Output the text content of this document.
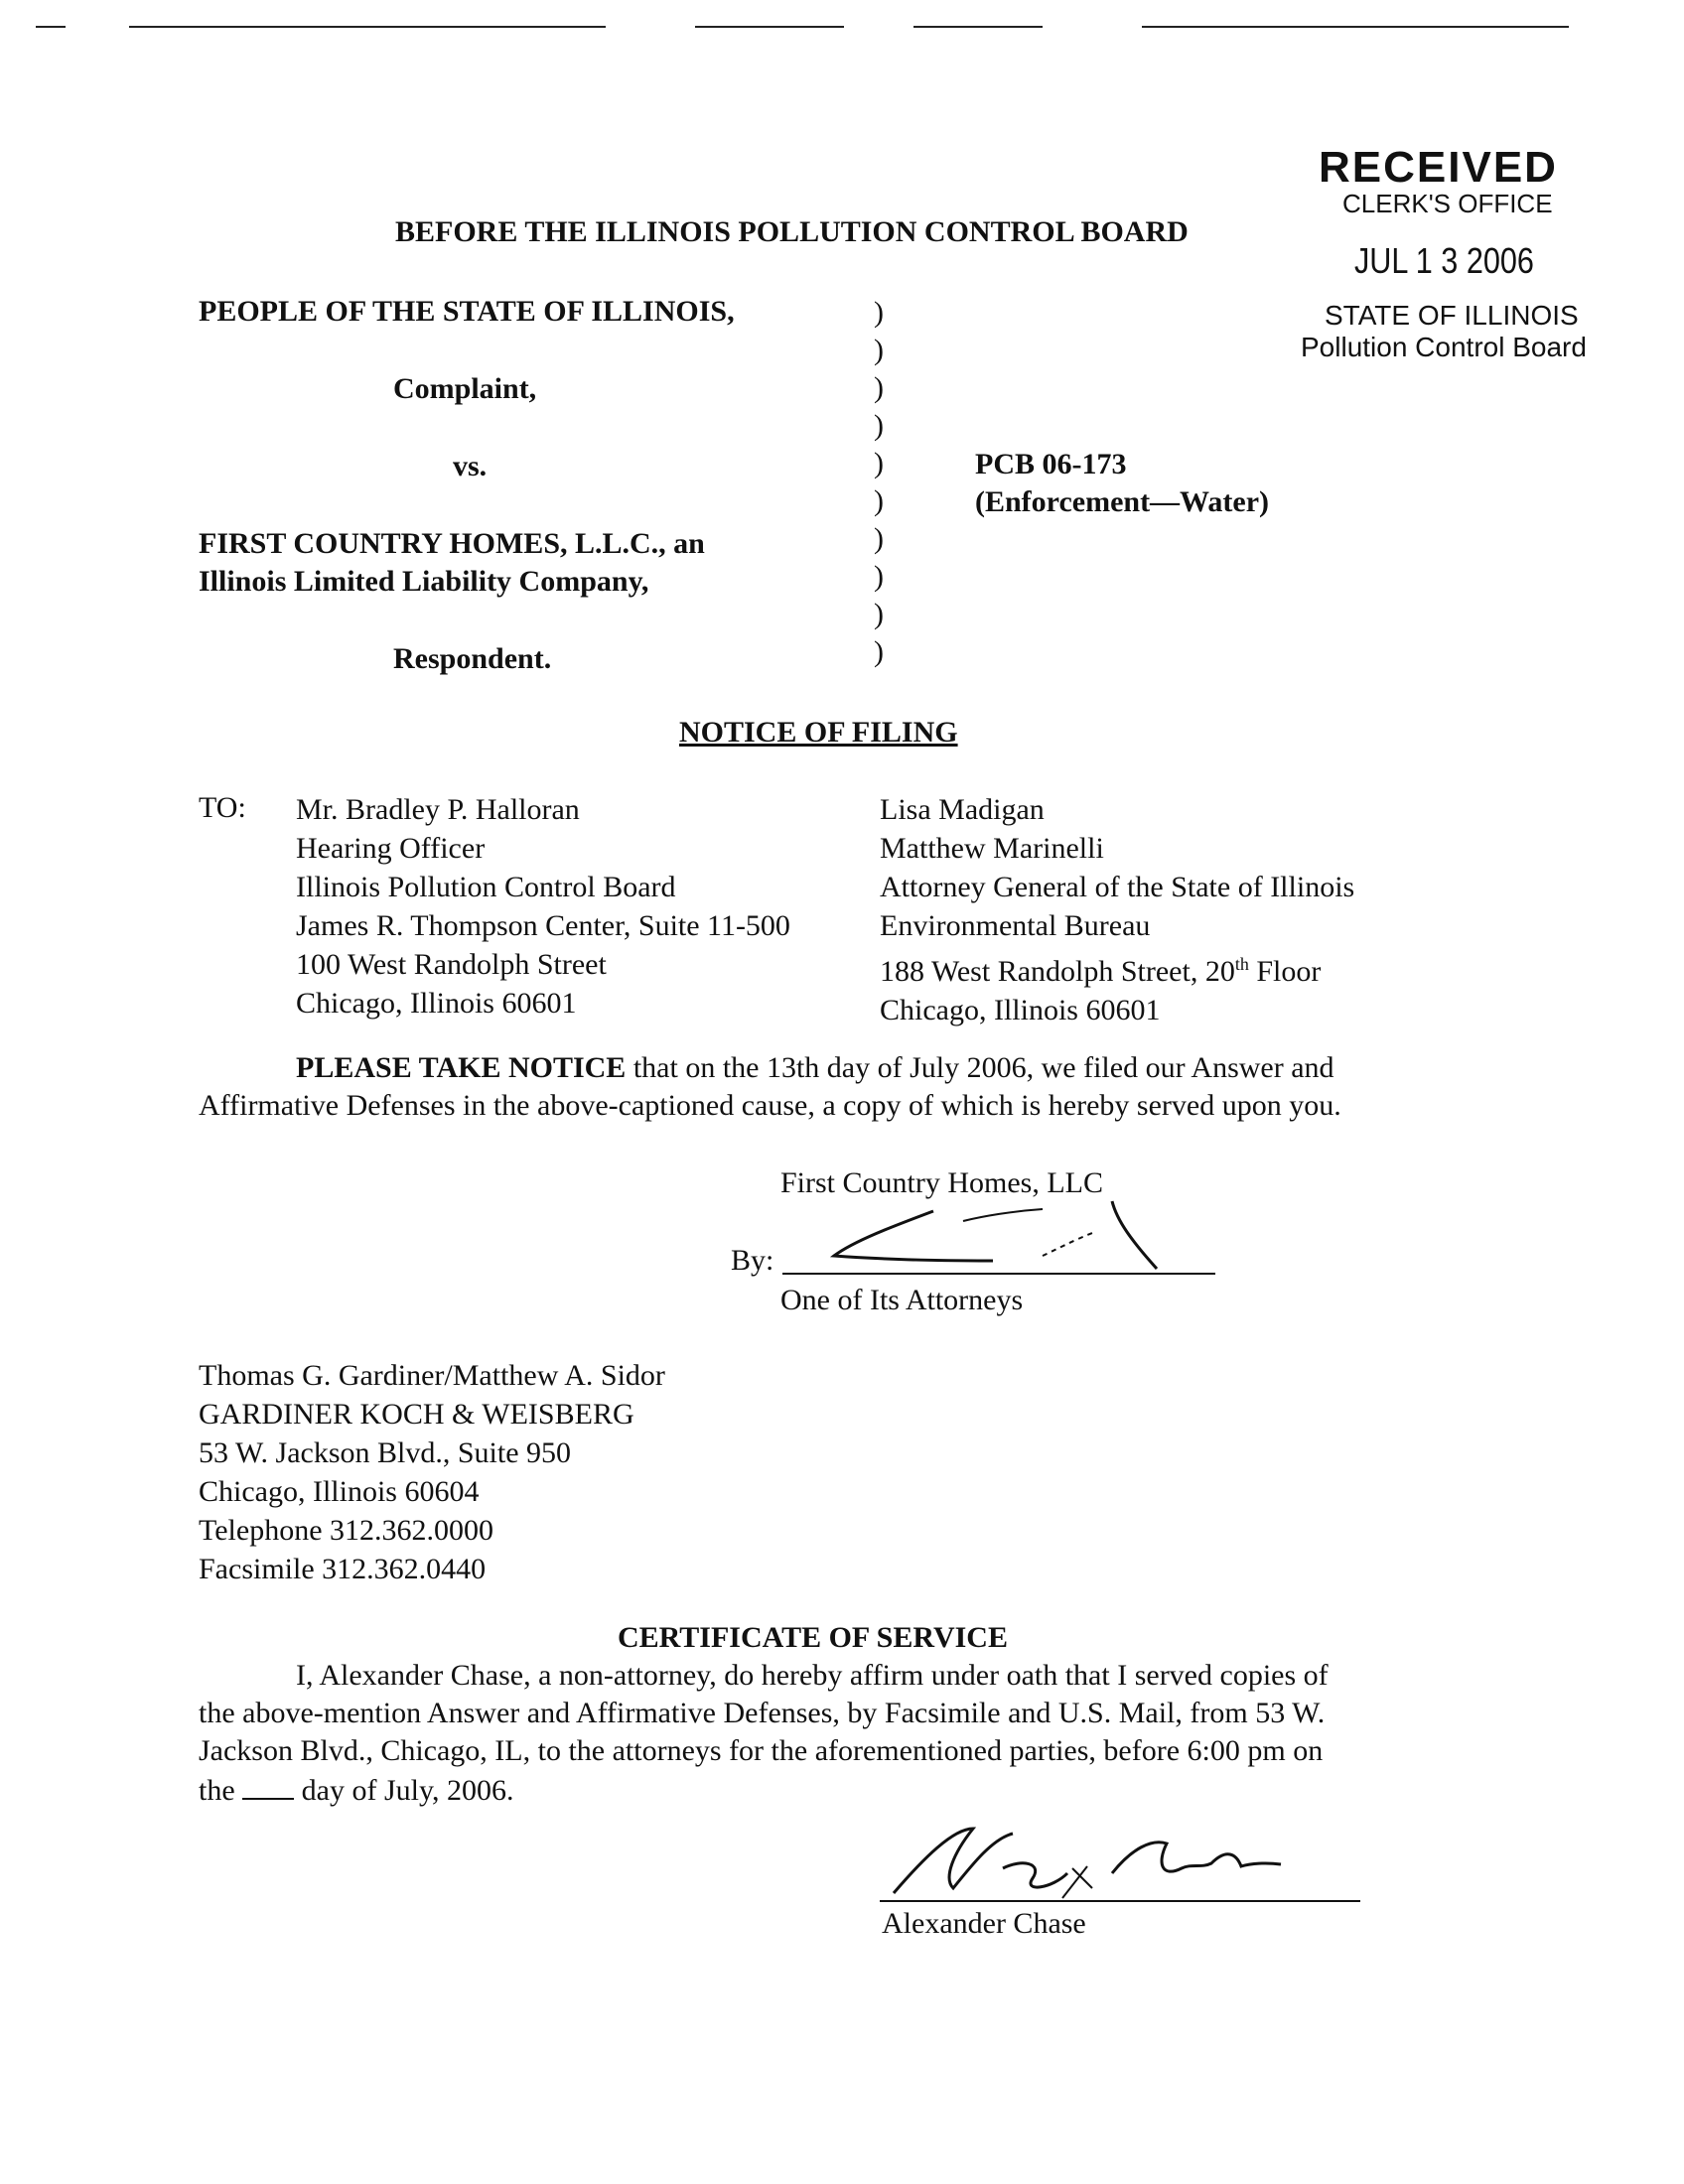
RECEIVED
CLERK'S OFFICE
JUL 1 3 2006
STATE OF ILLINOIS
Pollution Control Board
BEFORE THE ILLINOIS POLLUTION CONTROL BOARD
PEOPLE OF THE STATE OF ILLINOIS,
Complaint,
vs.
FIRST COUNTRY HOMES, L.L.C., an
Illinois Limited Liability Company,
Respondent.
)
)
)
)
)
)
)
)
)
)
PCB 06-173
(Enforcement—Water)
NOTICE OF FILING
TO: Mr. Bradley P. Halloran
Hearing Officer
Illinois Pollution Control Board
James R. Thompson Center, Suite 11-500
100 West Randolph Street
Chicago, Illinois 60601
Lisa Madigan
Matthew Marinelli
Attorney General of the State of Illinois
Environmental Bureau
188 West Randolph Street, 20th Floor
Chicago, Illinois 60601
PLEASE TAKE NOTICE that on the 13th day of July 2006, we filed our Answer and
Affirmative Defenses in the above-captioned cause, a copy of which is hereby served upon you.
First Country Homes, LLC
By:
One of Its Attorneys
Thomas G. Gardiner/Matthew A. Sidor
GARDINER KOCH & WEISBERG
53 W. Jackson Blvd., Suite 950
Chicago, Illinois 60604
Telephone 312.362.0000
Facsimile 312.362.0440
CERTIFICATE OF SERVICE
I, Alexander Chase, a non-attorney, do hereby affirm under oath that I served copies of
the above-mention Answer and Affirmative Defenses, by Facsimile and U.S. Mail, from 53 W.
Jackson Blvd., Chicago, IL, to the attorneys for the aforementioned parties, before 6:00 pm on
the day of July, 2006.
Alexander Chase
